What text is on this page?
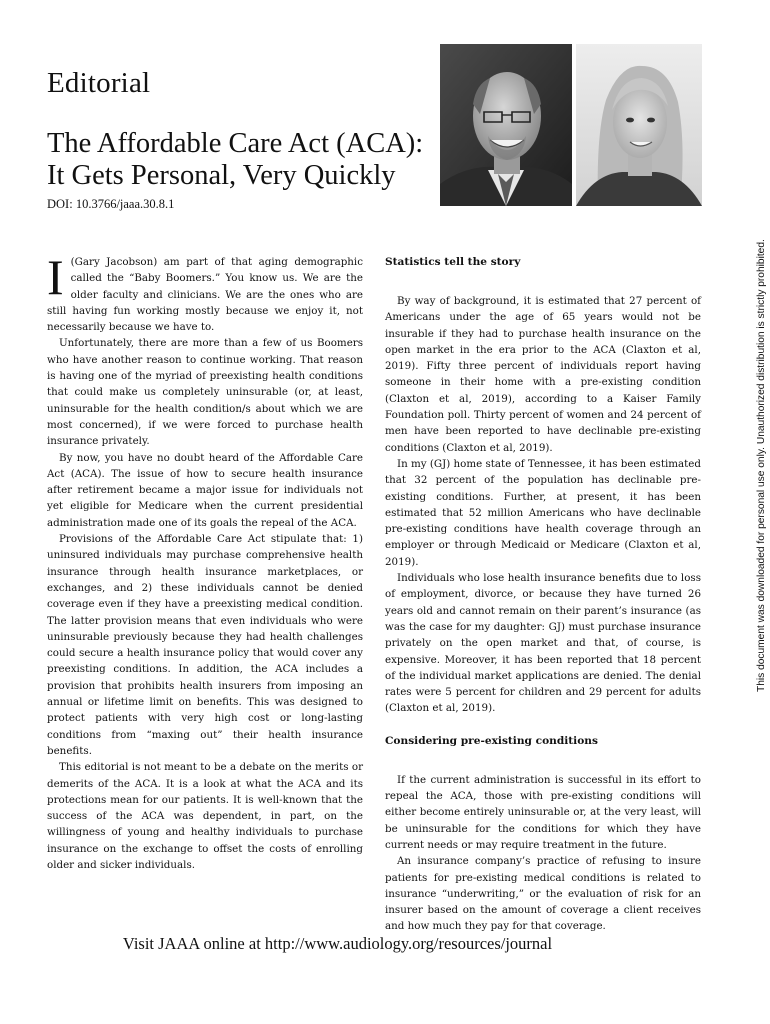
Editorial
The Affordable Care Act (ACA):
It Gets Personal, Very Quickly
DOI: 10.3766/jaaa.30.8.1

I (Gary Jacobson) am part of that aging demographic called the “Baby Boomers.” You know us. We are the older faculty and clinicians. We are the ones who are still having fun working mostly because we enjoy it, not necessarily because we have to.

Unfortunately, there are more than a few of us Boomers who have another reason to continue working. That reason is having one of the myriad of preexisting health conditions that could make us completely uninsurable (or, at least, uninsurable for the health condition/s about which we are most concerned), if we were forced to purchase health insurance privately.

By now, you have no doubt heard of the Affordable Care Act (ACA). The issue of how to secure health insurance after retirement became a major issue for individuals not yet eligible for Medicare when the current presidential administration made one of its goals the repeal of the ACA.

Provisions of the Affordable Care Act stipulate that: 1) uninsured individuals may purchase comprehensive health insurance through health insurance marketplaces, or exchanges, and 2) these individuals cannot be denied coverage even if they have a preexisting medical condition. The latter provision means that even individuals who were uninsurable previously because they had health challenges could secure a health insurance policy that would cover any preexisting conditions. In addition, the ACA includes a provision that prohibits health insurers from imposing an annual or lifetime limit on benefits. This was designed to protect patients with very high cost or long-lasting conditions from “maxing out” their health insurance benefits.

This editorial is not meant to be a debate on the merits or demerits of the ACA. It is a look at what the ACA and its protections mean for our patients. It is well-known that the success of the ACA was dependent, in part, on the willingness of young and healthy individuals to purchase insurance on the exchange to offset the costs of enrolling older and sicker individuals.

Statistics tell the story

By way of background, it is estimated that 27 percent of Americans under the age of 65 years would not be insurable if they had to purchase health insurance on the open market in the era prior to the ACA (Claxton et al, 2019). Fifty three percent of individuals report having someone in their home with a pre-existing condition (Claxton et al, 2019), according to a Kaiser Family Foundation poll. Thirty percent of women and 24 percent of men have been reported to have declinable pre-existing conditions (Claxton et al, 2019).

In my (GJ) home state of Tennessee, it has been estimated that 32 percent of the population has declinable pre-existing conditions. Further, at present, it has been estimated that 52 million Americans who have declinable pre-existing conditions have health coverage through an employer or through Medicaid or Medicare (Claxton et al, 2019).

Individuals who lose health insurance benefits due to loss of employment, divorce, or because they have turned 26 years old and cannot remain on their parent’s insurance (as was the case for my daughter: GJ) must purchase insurance privately on the open market and that, of course, is expensive. Moreover, it has been reported that 18 percent of the individual market applications are denied. The denial rates were 5 percent for children and 29 percent for adults (Claxton et al, 2019).

Considering pre-existing conditions

If the current administration is successful in its effort to repeal the ACA, those with pre-existing conditions will either become entirely uninsurable or, at the very least, will be uninsurable for the conditions for which they have current needs or may require treatment in the future.

An insurance company’s practice of refusing to insure patients for pre-existing medical conditions is related to insurance “underwriting,” or the evaluation of risk for an insurer based on the amount of coverage a client receives and how much they pay for that coverage.

This document was downloaded for personal use only. Unauthorized distribution is strictly prohibited.
Visit JAAA online at http://www.audiology.org/resources/journal
